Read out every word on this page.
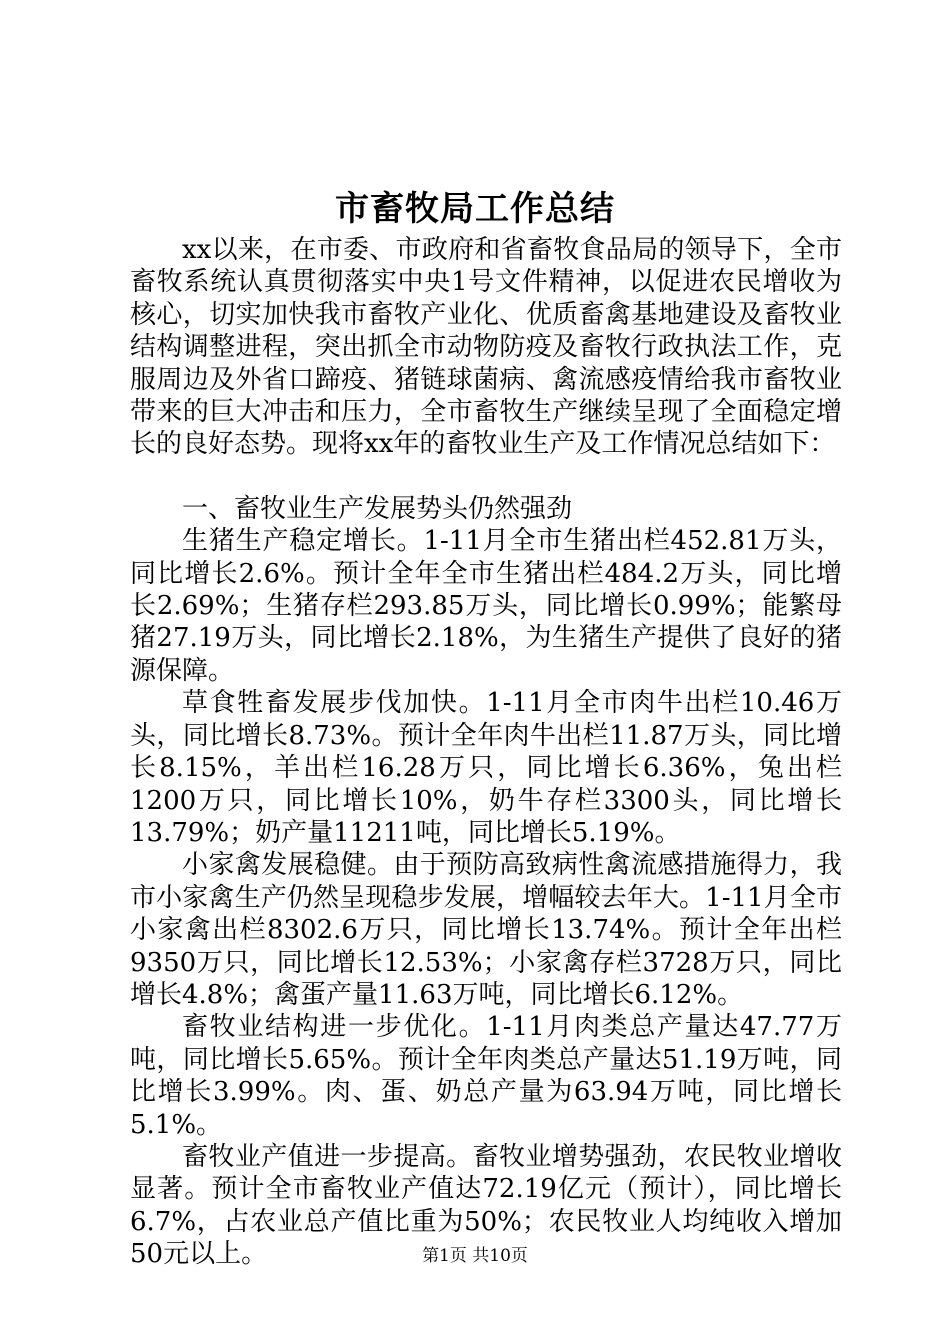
市畜牧局工作总结

xx以来，在市委、市政府和省畜牧食品局的领导下，全市畜牧系统认真贯彻落实中央1号文件精神，以促进农民增收为核心，切实加快我市畜牧产业化、优质畜禽基地建设及畜牧业结构调整进程，突出抓全市动物防疫及畜牧行政执法工作，克服周边及外省口蹄疫、猪链球菌病、禽流感疫情给我市畜牧业带来的巨大冲击和压力，全市畜牧生产继续呈现了全面稳定增长的良好态势。现将xx年的畜牧业生产及工作情况总结如下：

一、畜牧业生产发展势头仍然强劲

生猪生产稳定增长。1-11月全市生猪出栏452.81万头，同比增长2.6%。预计全年全市生猪出栏484.2万头，同比增长2.69%；生猪存栏293.85万头，同比增长0.99%；能繁母猪27.19万头，同比增长2.18%，为生猪生产提供了良好的猪源保障。

草食牲畜发展步伐加快。1-11月全市肉牛出栏10.46万头，同比增长8.73%。预计全年肉牛出栏11.87万头，同比增长8.15%，羊出栏16.28万只，同比增长6.36%，兔出栏1200万只，同比增长10%，奶牛存栏3300头，同比增长13.79%；奶产量11211吨，同比增长5.19%。

小家禽发展稳健。由于预防高致病性禽流感措施得力，我市小家禽生产仍然呈现稳步发展，增幅较去年大。1-11月全市小家禽出栏8302.6万只，同比增长13.74%。预计全年出栏9350万只，同比增长12.53%；小家禽存栏3728万只，同比增长4.8%；禽蛋产量11.63万吨，同比增长6.12%。

畜牧业结构进一步优化。1-11月肉类总产量达47.77万吨，同比增长5.65%。预计全年肉类总产量达51.19万吨，同比增长3.99%。肉、蛋、奶总产量为63.94万吨，同比增长5.1%。

畜牧业产值进一步提高。畜牧业增势强劲，农民牧业增收显著。预计全市畜牧业产值达72.19亿元（预计），同比增长6.7%，占农业总产值比重为50%；农民牧业人均纯收入增加50元以上。	第1页 共10页
